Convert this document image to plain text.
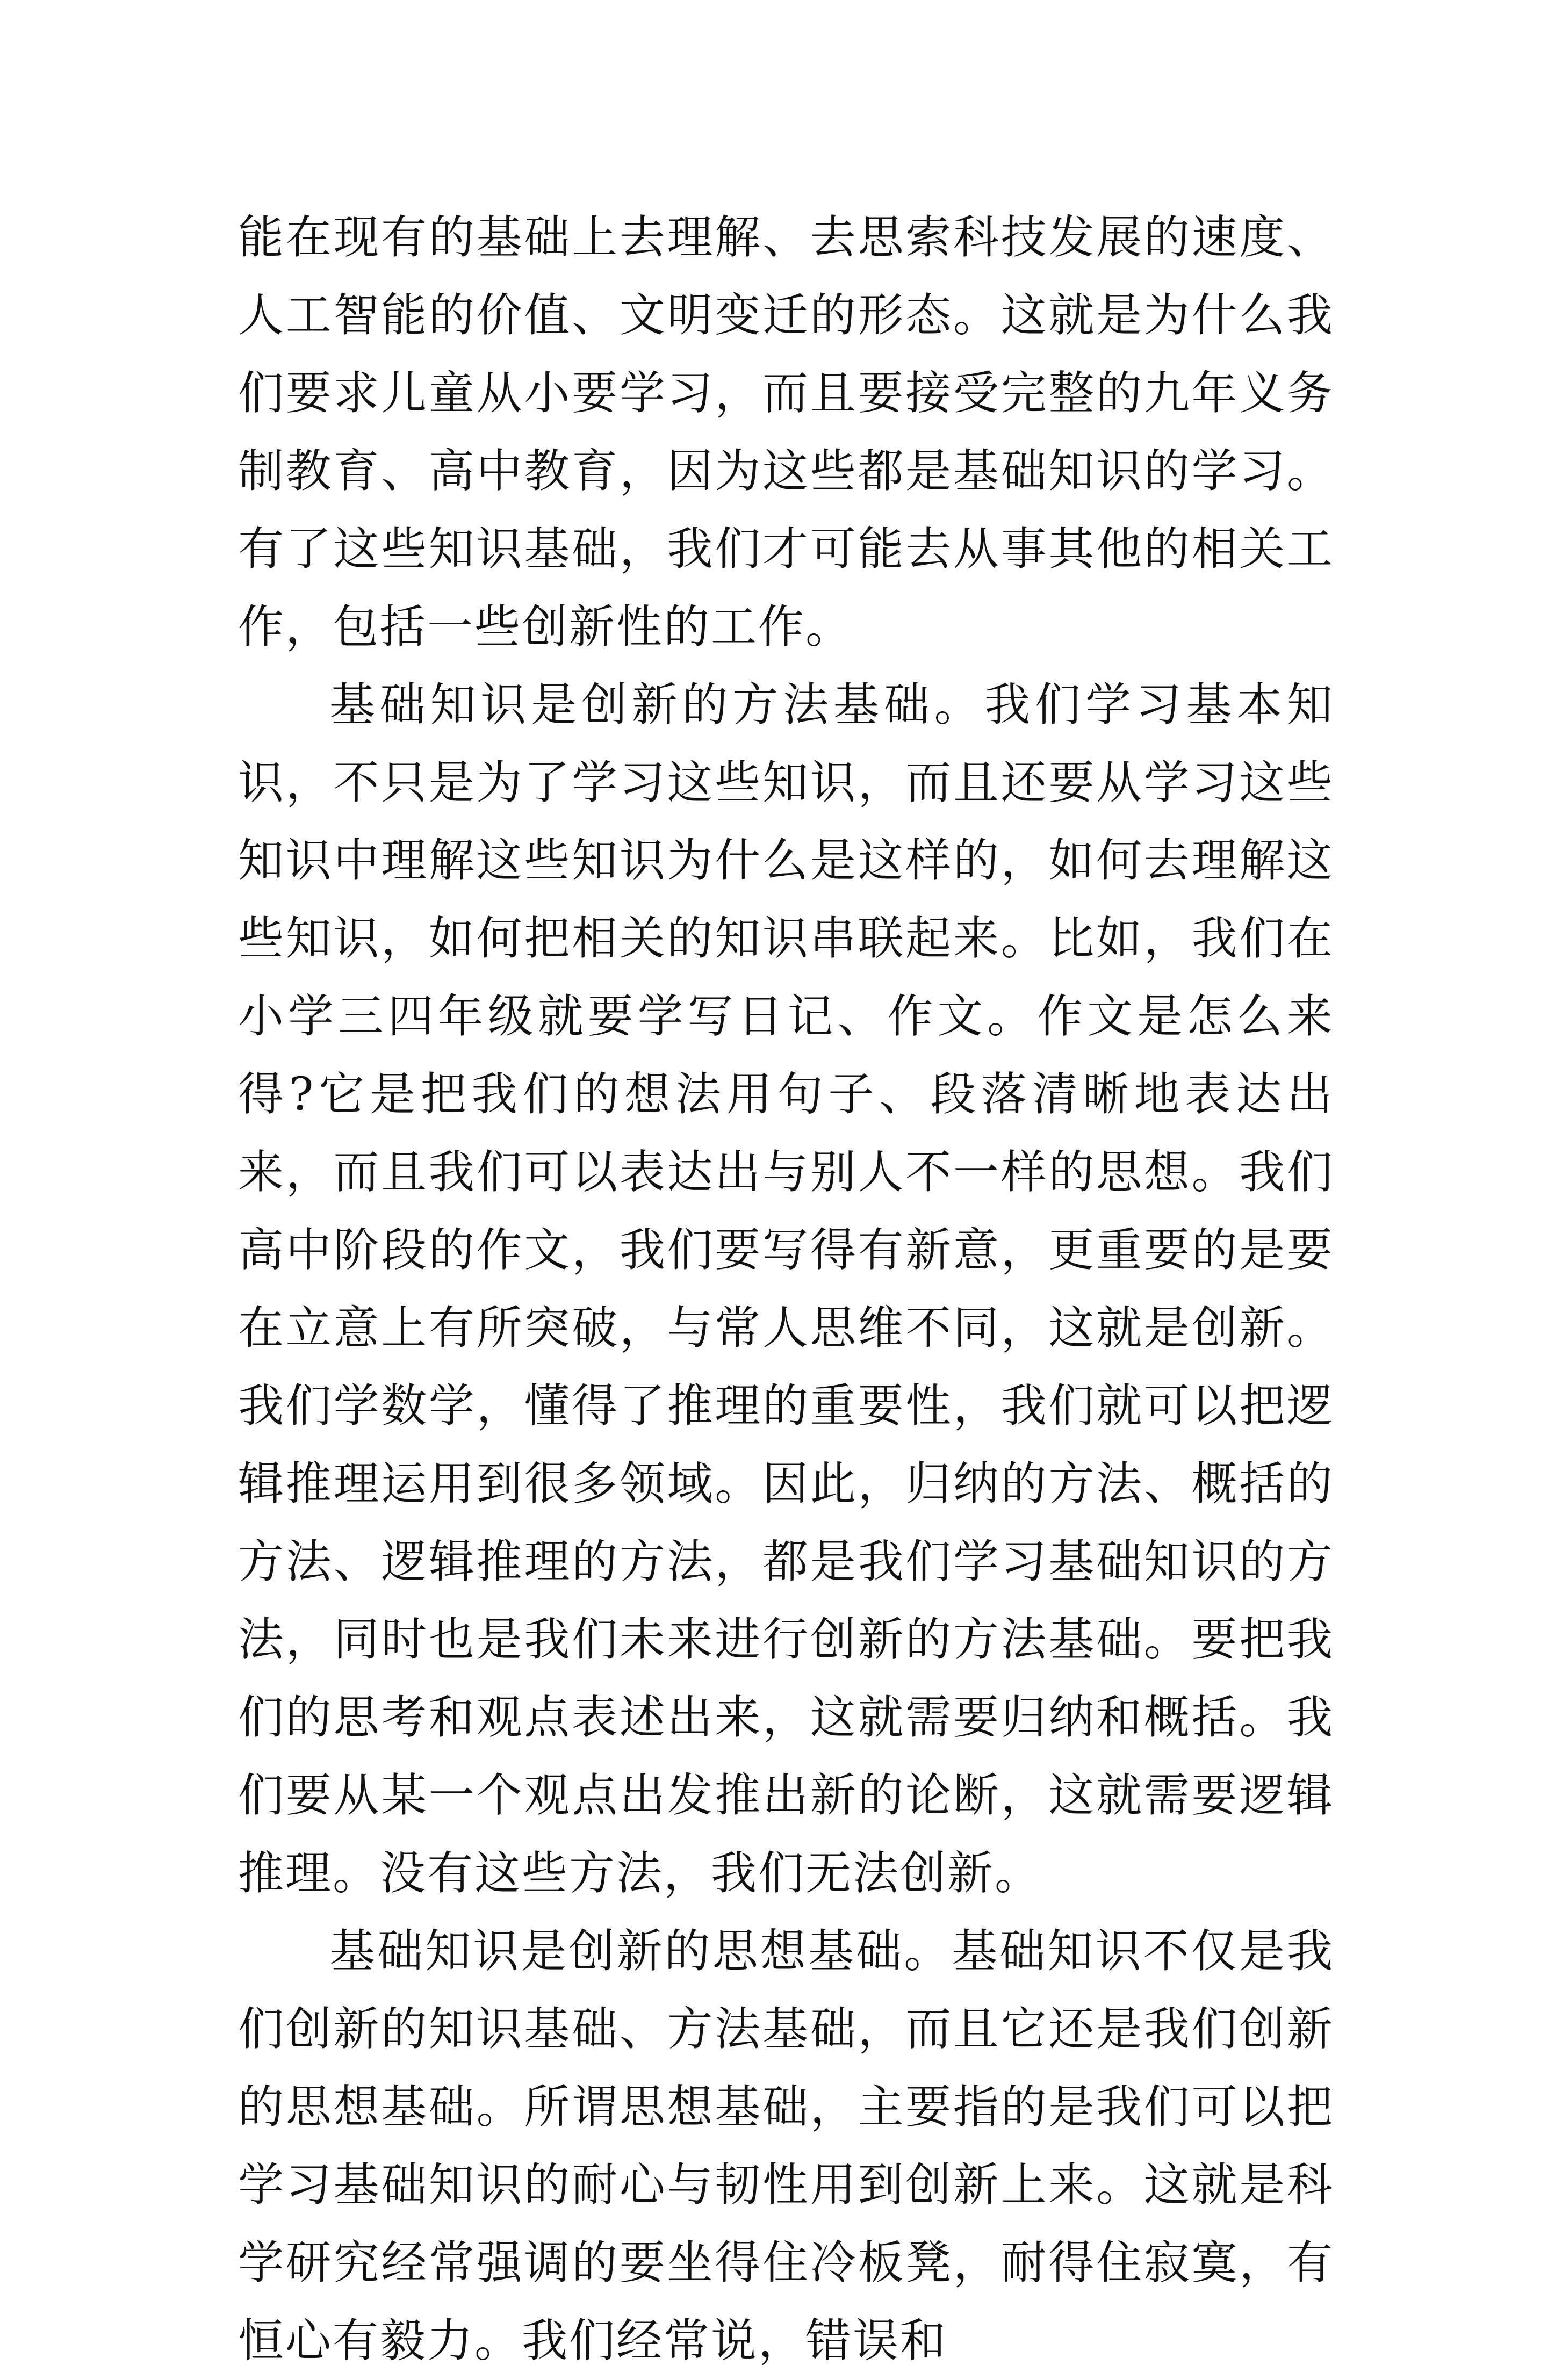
能在现有的基础上去理解、去思索科技发展的速度、人工智能的价值、文明变迁的形态。这就是为什么我们要求儿童从小要学习，而且要接受完整的九年义务制教育、高中教育，因为这些都是基础知识的学习。有了这些知识基础，我们才可能去从事其他的相关工作，包括一些创新性的工作。

基础知识是创新的方法基础。我们学习基本知识，不只是为了学习这些知识，而且还要从学习这些知识中理解这些知识为什么是这样的，如何去理解这些知识，如何把相关的知识串联起来。比如，我们在小学三四年级就要学写日记、作文。作文是怎么来得?它是把我们的想法用句子、段落清晰地表达出来，而且我们可以表达出与别人不一样的思想。我们高中阶段的作文，我们要写得有新意，更重要的是要在立意上有所突破，与常人思维不同，这就是创新。我们学数学，懂得了推理的重要性，我们就可以把逻辑推理运用到很多领域。因此，归纳的方法、概括的方法、逻辑推理的方法，都是我们学习基础知识的方法，同时也是我们未来进行创新的方法基础。要把我们的思考和观点表述出来，这就需要归纳和概括。我们要从某一个观点出发推出新的论断，这就需要逻辑推理。没有这些方法，我们无法创新。

基础知识是创新的思想基础。基础知识不仅是我们创新的知识基础、方法基础，而且它还是我们创新的思想基础。所谓思想基础，主要指的是我们可以把学习基础知识的耐心与韧性用到创新上来。这就是科学研究经常强调的要坐得住冷板凳，耐得住寂寞，有恒心有毅力。我们经常说，错误和
